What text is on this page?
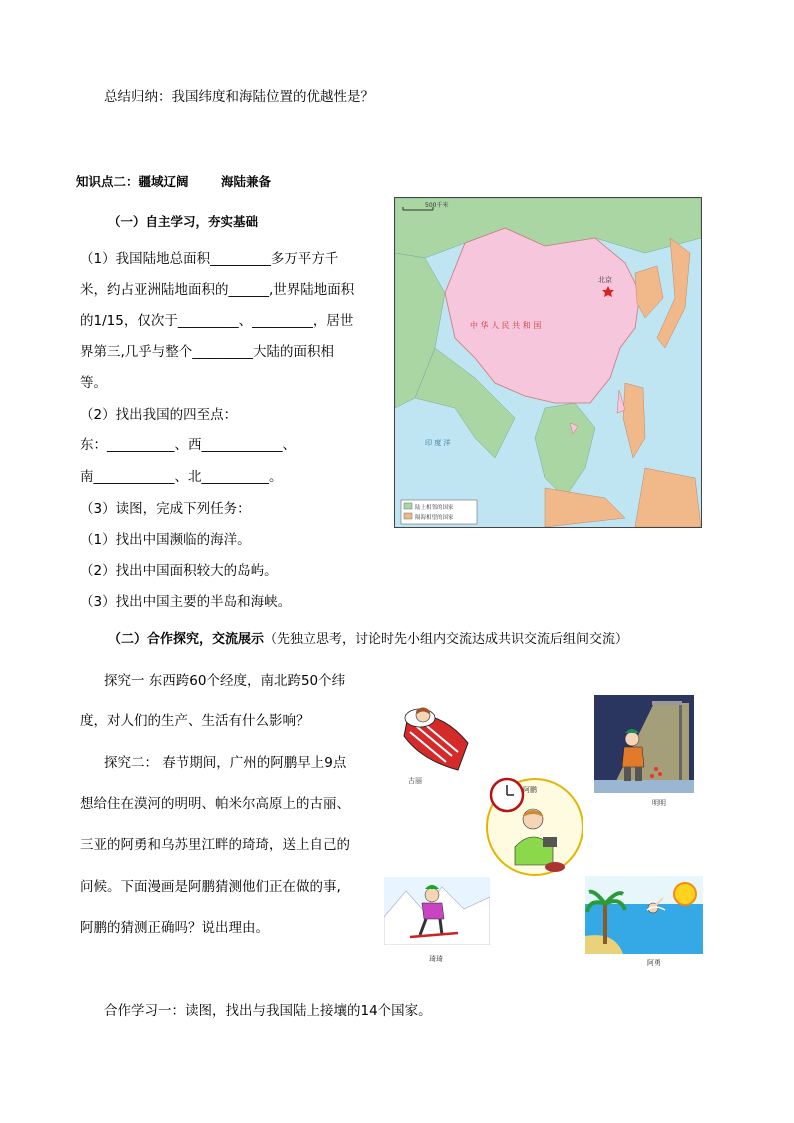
总结归纳：我国纬度和海陆位置的优越性是？
知识点二：疆域辽阔	海陆兼备
（一）自主学习，夯实基础
（1）我国陆地总面积_________多万平方千
米，约占亚洲陆地面积的______,世界陆地面积
的1/15，仅次于_________、_________，居世
界第三,几乎与整个_________大陆的面积相
等。
（2）找出我国的四至点：
东：__________、西____________、
南____________、北__________。
（3）读图，完成下列任务：
（1）找出中国濒临的海洋。
（2）找出中国面积较大的岛屿。
（3）找出中国主要的半岛和海峡。
（二）合作探究，交流展示（先独立思考，讨论时先小组内交流达成共识交流后组间交流）
探究一 东西跨60个经度，南北跨50个纬
度，对人们的生产、生活有什么影响？
探究二： 春节期间，广州的阿鹏早上9点
想给住在漠河的明明、帕米尔高原上的古丽、
三亚的阿勇和乌苏里江畔的琦琦，送上自己的
问候。下面漫画是阿鹏猜测他们正在做的事,
阿鹏的猜测正确吗？说出理由。
合作学习一：读图，找出与我国陆上接壤的14个国家。
500千米
中 华 人 民 共 和 国
北京
印 度 洋
陆上相邻的国家
隔海相望的国家
古丽
阿鹏
明明
琦琦	阿勇
